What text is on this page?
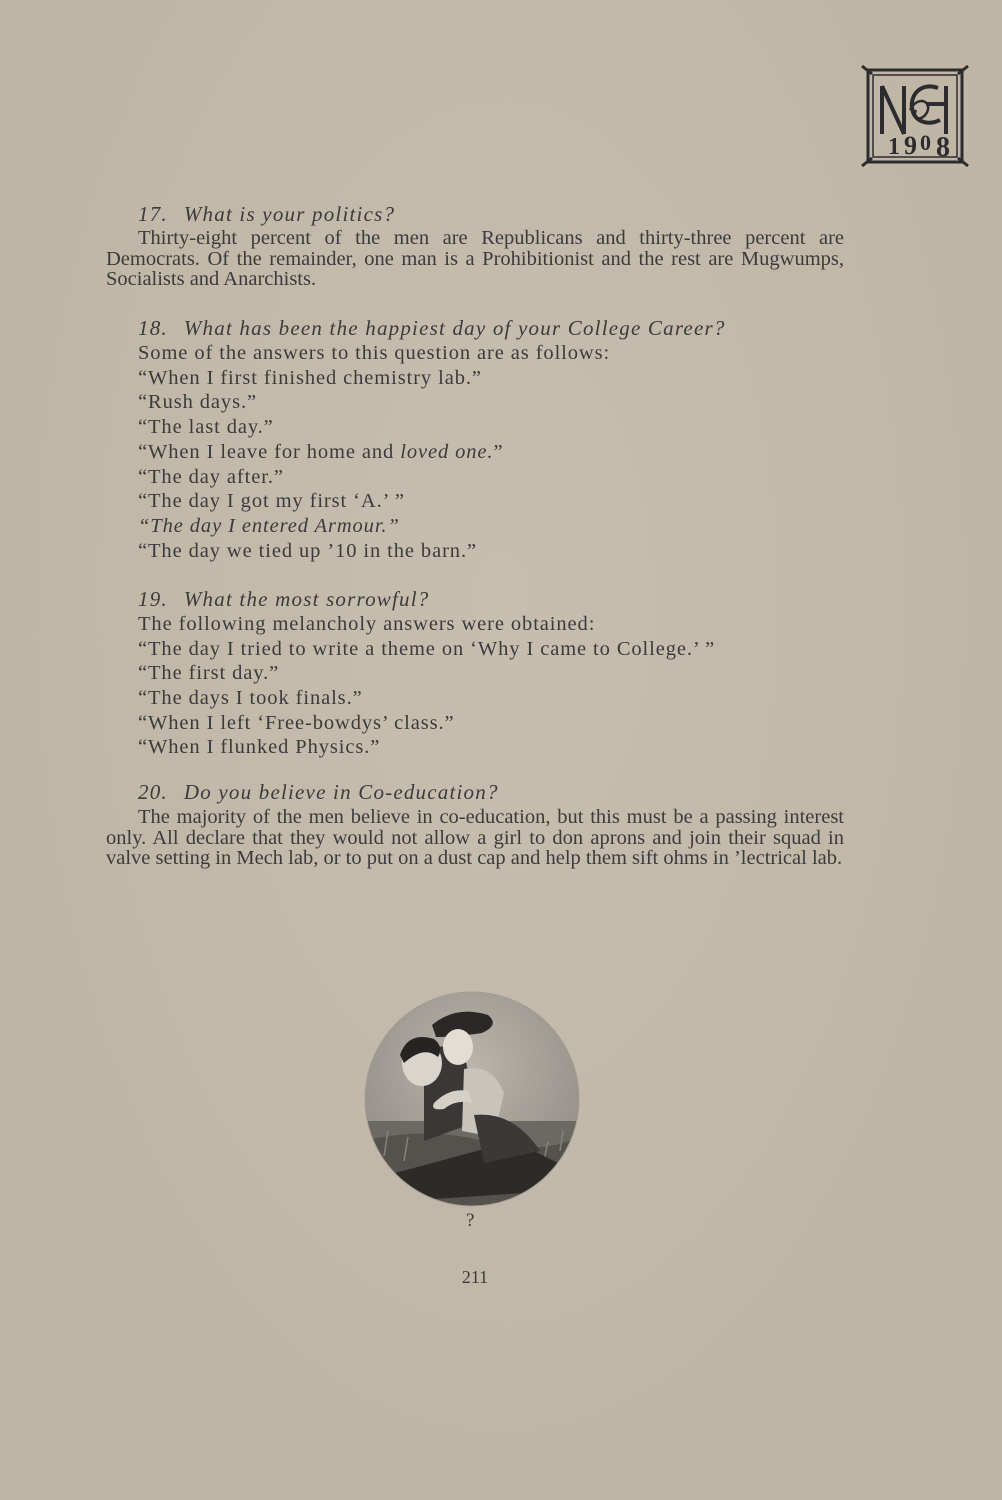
1 9 0 8
17. What is your politics?
Thirty-eight percent of the men are Republicans and thirty-three percent are Democrats. Of the remainder, one man is a Prohibitionist and the rest are Mugwumps, Socialists and Anarchists.
18. What has been the happiest day of your College Career?
Some of the answers to this question are as follows:
“When I first finished chemistry lab.”
“Rush days.”
“The last day.”
“When I leave for home and loved one.”
“The day after.”
“The day I got my first ‘A.’ ”
“The day I entered Armour.”
“The day we tied up ’10 in the barn.”
19. What the most sorrowful?
The following melancholy answers were obtained:
“The day I tried to write a theme on ‘Why I came to College.’ ”
“The first day.”
“The days I took finals.”
“When I left ‘Free-bowdys’ class.”
“When I flunked Physics.”
20. Do you believe in Co-education?
The majority of the men believe in co-education, but this must be a passing interest only. All declare that they would not allow a girl to don aprons and join their squad in valve setting in Mech lab, or to put on a dust cap and help them sift ohms in ’lectrical lab.
?
211
